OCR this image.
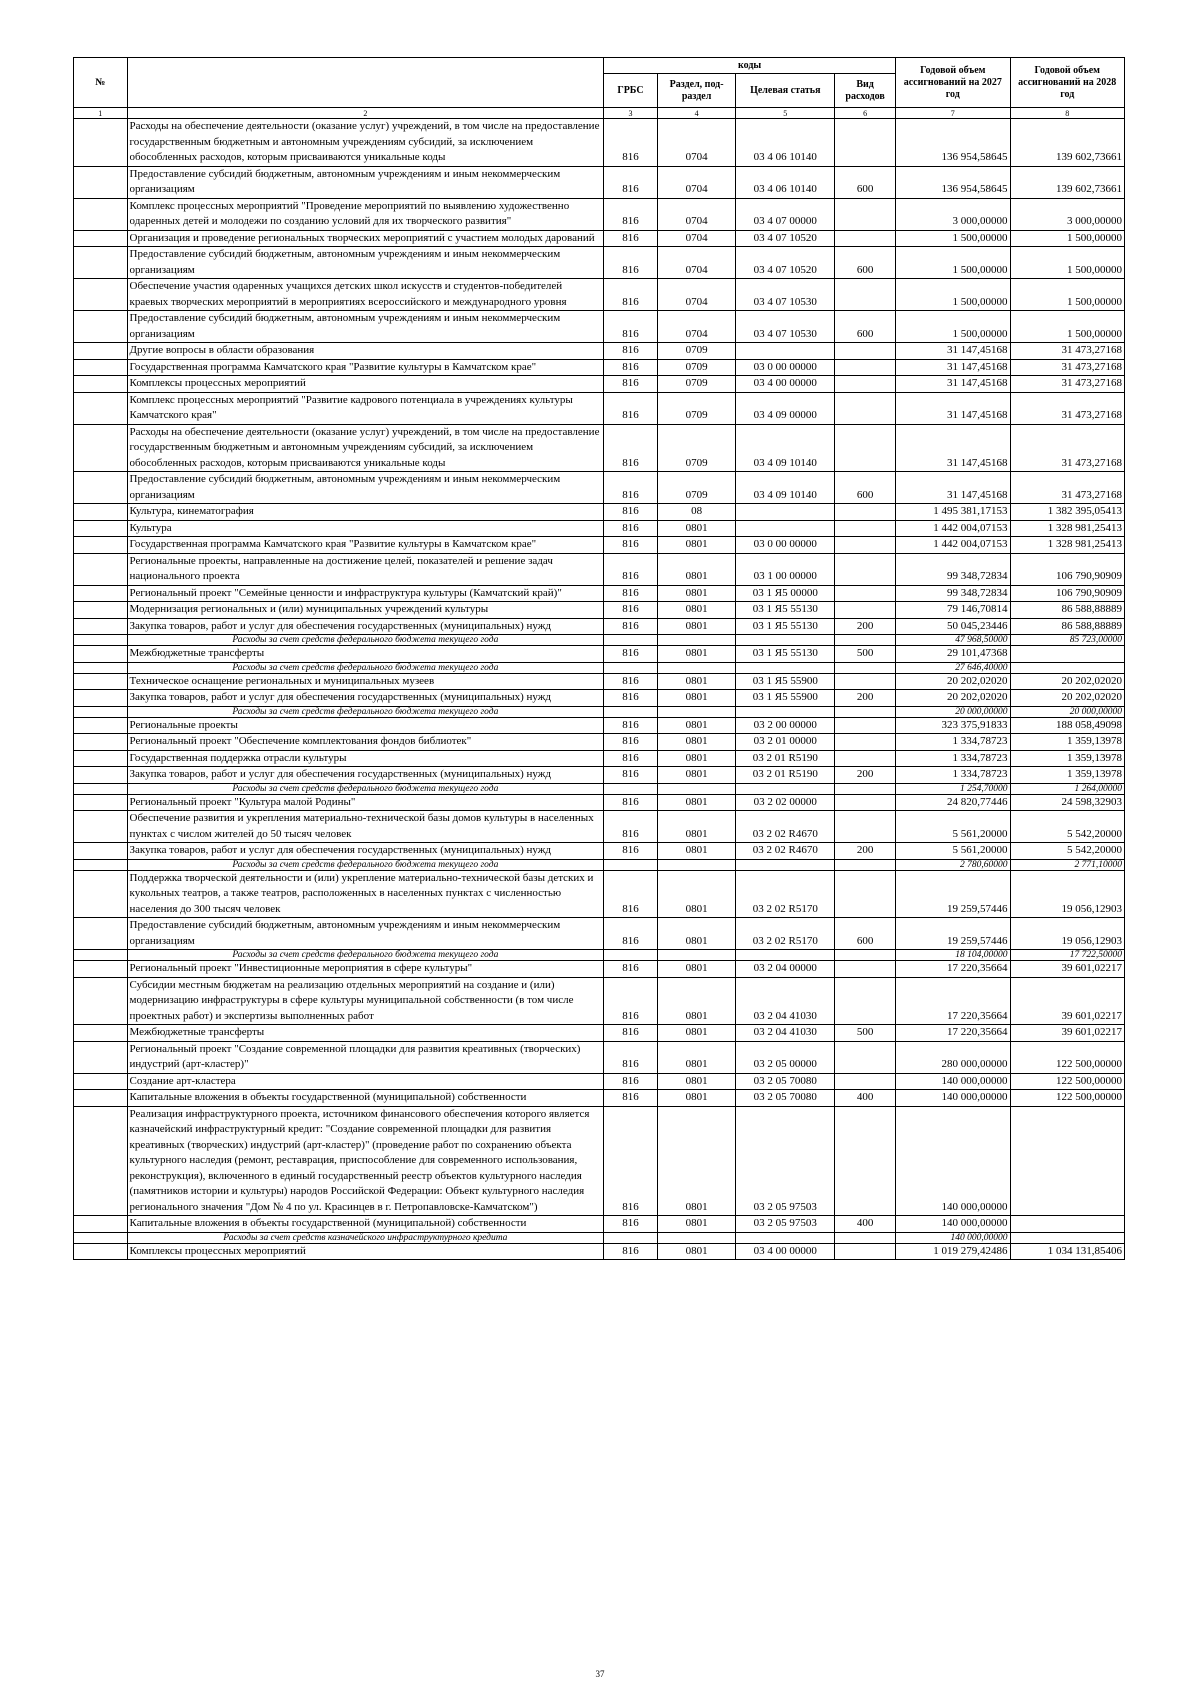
№		коды				Годовой объем ассигнований на 2027 год	Годовой объем ассигнований на 2028 год
		ГРБС	Раздел, под-раздел	Целевая статья	Вид расходов		
1	2	3	4	5	6	7	8
	Расходы на обеспечение деятельности (оказание услуг) учреждений, в том числе на предоставление государственным бюджетным и автономным учреждениям субсидий, за исключением обособленных расходов, которым присваиваются уникальные коды	816	0704	03 4 06 10140		136 954,58645	139 602,73661
	Предоставление субсидий бюджетным, автономным учреждениям и иным некоммерческим организациям	816	0704	03 4 06 10140	600	136 954,58645	139 602,73661
	Комплекс процессных мероприятий "Проведение мероприятий по выявлению художественно одаренных детей и молодежи по созданию условий для их творческого развития"	816	0704	03 4 07 00000		3 000,00000	3 000,00000
	Организация и проведение региональных творческих мероприятий с участием молодых дарований	816	0704	03 4 07 10520		1 500,00000	1 500,00000
	Предоставление субсидий бюджетным, автономным учреждениям и иным некоммерческим организациям	816	0704	03 4 07 10520	600	1 500,00000	1 500,00000
	Обеспечение участия одаренных учащихся детских школ искусств и студентов-победителей краевых творческих мероприятий в мероприятиях всероссийского и международного уровня	816	0704	03 4 07 10530		1 500,00000	1 500,00000
	Предоставление субсидий бюджетным, автономным учреждениям и иным некоммерческим организациям	816	0704	03 4 07 10530	600	1 500,00000	1 500,00000
	Другие вопросы в области образования	816	0709			31 147,45168	31 473,27168
	Государственная программа Камчатского края "Развитие культуры в Камчатском крае"	816	0709	03 0 00 00000		31 147,45168	31 473,27168
	Комплексы процессных мероприятий	816	0709	03 4 00 00000		31 147,45168	31 473,27168
	Комплекс процессных мероприятий "Развитие кадрового потенциала в учреждениях культуры Камчатского края"	816	0709	03 4 09 00000		31 147,45168	31 473,27168
	Расходы на обеспечение деятельности (оказание услуг) учреждений, в том числе на предоставление государственным бюджетным и автономным учреждениям субсидий, за исключением обособленных расходов, которым присваиваются уникальные коды	816	0709	03 4 09 10140		31 147,45168	31 473,27168
	Предоставление субсидий бюджетным, автономным учреждениям и иным некоммерческим организациям	816	0709	03 4 09 10140	600	31 147,45168	31 473,27168
	Культура, кинематография	816	08			1 495 381,17153	1 382 395,05413
	Культура	816	0801			1 442 004,07153	1 328 981,25413
	Государственная программа Камчатского края "Развитие культуры в Камчатском крае"	816	0801	03 0 00 00000		1 442 004,07153	1 328 981,25413
	Региональные проекты, направленные на достижение целей, показателей и решение задач национального проекта	816	0801	03 1 00 00000		99 348,72834	106 790,90909
	Региональный проект "Семейные ценности и инфраструктура культуры (Камчатский край)"	816	0801	03 1 Я5 00000		99 348,72834	106 790,90909
	Модернизация региональных и (или) муниципальных учреждений культуры	816	0801	03 1 Я5 55130		79 146,70814	86 588,88889
	Закупка товаров, работ и услуг для обеспечения государственных (муниципальных) нужд	816	0801	03 1 Я5 55130	200	50 045,23446	86 588,88889
	Расходы за счет средств федерального бюджета текущего года					47 968,50000	85 723,00000
	Межбюджетные трансферты	816	0801	03 1 Я5 55130	500	29 101,47368	
	Расходы за счет средств федерального бюджета текущего года					27 646,40000	
	Техническое оснащение региональных и муниципальных музеев	816	0801	03 1 Я5 55900		20 202,02020	20 202,02020
	Закупка товаров, работ и услуг для обеспечения государственных (муниципальных) нужд	816	0801	03 1 Я5 55900	200	20 202,02020	20 202,02020
	Расходы за счет средств федерального бюджета текущего года					20 000,00000	20 000,00000
	Региональные проекты	816	0801	03 2 00 00000		323 375,91833	188 058,49098
	Региональный проект "Обеспечение комплектования фондов библиотек"	816	0801	03 2 01 00000		1 334,78723	1 359,13978
	Государственная поддержка отрасли культуры	816	0801	03 2 01 R5190		1 334,78723	1 359,13978
	Закупка товаров, работ и услуг для обеспечения государственных (муниципальных) нужд	816	0801	03 2 01 R5190	200	1 334,78723	1 359,13978
	Расходы за счет средств федерального бюджета текущего года					1 254,70000	1 264,00000
	Региональный проект "Культура малой Родины"	816	0801	03 2 02 00000		24 820,77446	24 598,32903
	Обеспечение развития и укрепления материально-технической базы домов культуры в населенных пунктах с числом жителей до 50 тысяч человек	816	0801	03 2 02 R4670		5 561,20000	5 542,20000
	Закупка товаров, работ и услуг для обеспечения государственных (муниципальных) нужд	816	0801	03 2 02 R4670	200	5 561,20000	5 542,20000
	Расходы за счет средств федерального бюджета текущего года					2 780,60000	2 771,10000
	Поддержка творческой деятельности и (или) укрепление материально-технической базы детских и кукольных театров, а также театров, расположенных в населенных пунктах с численностью населения до 300 тысяч человек	816	0801	03 2 02 R5170		19 259,57446	19 056,12903
	Предоставление субсидий бюджетным, автономным учреждениям и иным некоммерческим организациям	816	0801	03 2 02 R5170	600	19 259,57446	19 056,12903
	Расходы за счет средств федерального бюджета текущего года					18 104,00000	17 722,50000
	Региональный проект "Инвестиционные мероприятия в сфере культуры"	816	0801	03 2 04 00000		17 220,35664	39 601,02217
	Субсидии местным бюджетам на реализацию отдельных мероприятий на создание и (или) модернизацию инфраструктуры в сфере культуры муниципальной собственности (в том числе проектных работ) и экспертизы выполненных работ	816	0801	03 2 04 41030		17 220,35664	39 601,02217
	Межбюджетные трансферты	816	0801	03 2 04 41030	500	17 220,35664	39 601,02217
	Региональный проект "Создание современной площадки для развития креативных (творческих) индустрий (арт-кластер)"	816	0801	03 2 05 00000		280 000,00000	122 500,00000
	Создание арт-кластера	816	0801	03 2 05 70080		140 000,00000	122 500,00000
	Капитальные вложения в объекты государственной (муниципальной) собственности	816	0801	03 2 05 70080	400	140 000,00000	122 500,00000
	Реализация инфраструктурного проекта, источником финансового обеспечения которого является казначейский инфраструктурный кредит: "Создание современной площадки для развития креативных (творческих) индустрий (арт-кластер)" (проведение работ по сохранению объекта культурного наследия (ремонт, реставрация, приспособление для современного использования, реконструкция), включенного в единый государственный реестр объектов культурного наследия (памятников истории и культуры) народов Российской Федерации: Объект культурного наследия регионального значения "Дом № 4 по ул. Красинцев в г. Петропавловске-Камчатском")	816	0801	03 2 05 97503		140 000,00000	
	Капитальные вложения в объекты государственной (муниципальной) собственности	816	0801	03 2 05 97503	400	140 000,00000	
	Расходы за счет средств казначейского инфраструктурного кредита					140 000,00000	
	Комплексы процессных мероприятий	816	0801	03 4 00 00000		1 019 279,42486	1 034 131,85406
37
